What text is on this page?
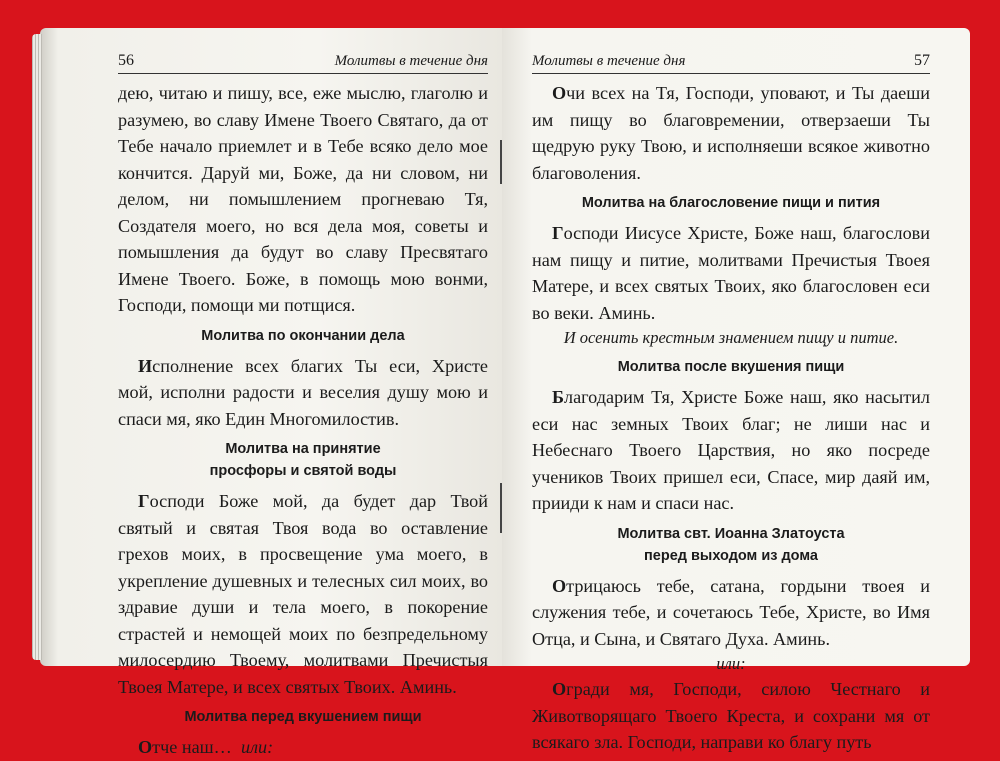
56	Молитвы в течение дня

дею, читаю и пишу, все, еже мыслю, глаголю и разумею, во славу Имене Твоего Святаго, да от Тебе начало приемлет и в Тебе всяко дело мое кончится. Даруй ми, Боже, да ни словом, ни делом, ни помышлением прогневаю Тя, Создателя моего, но вся дела моя, советы и помышления да будут во славу Пресвятаго Имене Твоего. Боже, в помощь мою вонми, Господи, помощи ми потщися.

Молитва по окончании дела

Исполнение всех благих Ты еси, Христе мой, исполни радости и веселия душу мою и спаси мя, яко Един Многомилостив.

Молитва на принятие
просфоры и святой воды

Господи Боже мой, да будет дар Твой святый и святая Твоя вода во оставление грехов моих, в просвещение ума моего, в укрепление душевных и телесных сил моих, во здравие души и тела моего, в покорение страстей и немощей моих по безпредельному милосердию Твоему, молитвами Пречистыя Твоея Матере, и всех святых Твоих. Аминь.

Молитва перед вкушением пищи

Отче наш… или:

Молитвы в течение дня	57

Очи всех на Тя, Господи, уповают, и Ты даеши им пищу во благовремении, отверзаеши Ты щедрую руку Твою, и исполняеши всякое животно благоволения.

Молитва на благословение пищи и пития

Господи Иисусе Христе, Боже наш, благослови нам пищу и питие, молитвами Пречистыя Твоея Матере, и всех святых Твоих, яко благословен еси во веки. Аминь.

И осенить крестным знамением пищу и питие.

Молитва после вкушения пищи

Благодарим Тя, Христе Боже наш, яко насытил еси нас земных Твоих благ; не лиши нас и Небеснаго Твоего Царствия, но яко посреде учеников Твоих пришел еси, Спасе, мир даяй им, прииди к нам и спаси нас.

Молитва свт. Иоанна Златоуста
перед выходом из дома

Отрицаюсь тебе, сатана, гордыни твоея и служения тебе, и сочетаюсь Тебе, Христе, во Имя Отца, и Сына, и Святаго Духа. Аминь.

или:

Огради мя, Господи, силою Честнаго и Животворящаго Твоего Креста, и сохрани мя от всякаго зла. Господи, направи ко благу путь
